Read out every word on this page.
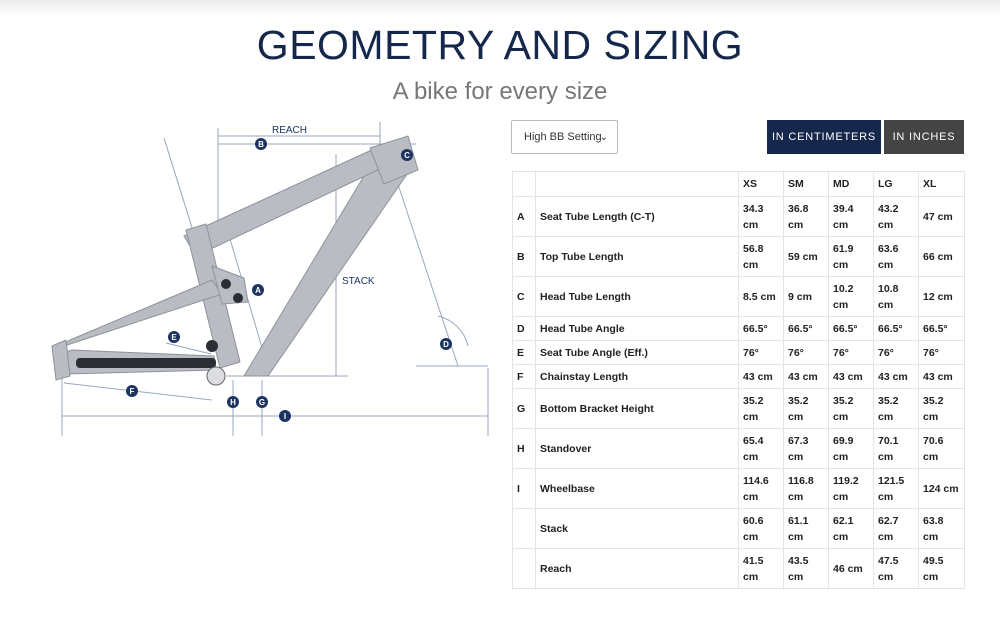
GEOMETRY AND SIZING
A bike for every size
REACH
STACK
A
B
C
D
E
F
G
H
I
High BB Setting
⌄	IN CENTIMETERS	IN INCHES
		XS	SM	MD	LG	XL
A	Seat Tube Length (C-T)	34.3 cm	36.8 cm	39.4 cm	43.2 cm	47 cm
B	Top Tube Length	56.8 cm	59 cm	61.9 cm	63.6 cm	66 cm
C	Head Tube Length	8.5 cm	9 cm	10.2 cm	10.8 cm	12 cm
D	Head Tube Angle	66.5°	66.5°	66.5°	66.5°	66.5°
E	Seat Tube Angle (Eff.)	76°	76°	76°	76°	76°
F	Chainstay Length	43 cm	43 cm	43 cm	43 cm	43 cm
G	Bottom Bracket Height	35.2 cm	35.2 cm	35.2 cm	35.2 cm	35.2 cm
H	Standover	65.4 cm	67.3 cm	69.9 cm	70.1 cm	70.6 cm
I	Wheelbase	114.6 cm	116.8 cm	119.2 cm	121.5 cm	124 cm
	Stack	60.6 cm	61.1 cm	62.1 cm	62.7 cm	63.8 cm
	Reach	41.5 cm	43.5 cm	46 cm	47.5 cm	49.5 cm
